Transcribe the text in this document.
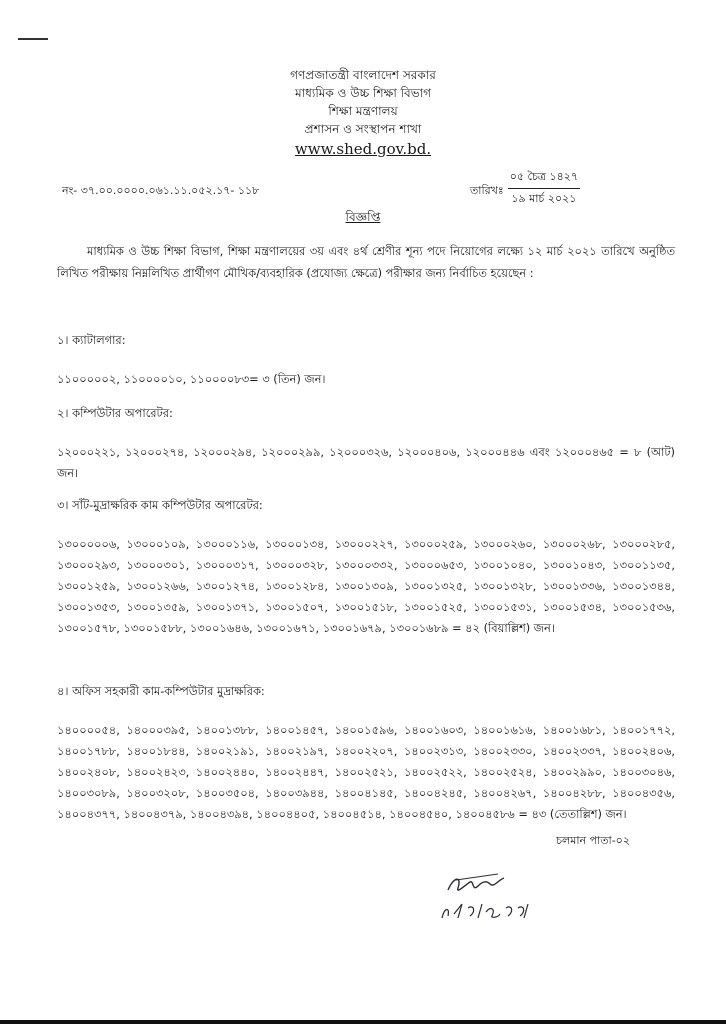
গণপ্রজাতন্ত্রী বাংলাদেশ সরকার
মাধ্যমিক ও উচ্চ শিক্ষা বিভাগ
শিক্ষা মন্ত্রণালয়
প্রশাসন ও সংস্থাপন শাখা
www.shed.gov.bd.
নং- ৩৭.০০.০০০০.০৬১.১১.০৫২.১৭- ১১৮	তারিখঃ
০৫ চৈত্র ১৪২৭
১৯ মার্চ ২০২১
বিজ্ঞপ্তি
মাধ্যমিক ও উচ্চ শিক্ষা বিভাগ, শিক্ষা মন্ত্রণালয়ের ৩য় এবং ৪র্থ শ্রেণীর শূন্য পদে নিয়োগের লক্ষ্যে ১২ মার্চ ২০২১ তারিখে অনুষ্ঠিত লিখিত পরীক্ষায় নিম্নলিখিত প্রার্থীগণ মৌখিক/ব্যবহারিক (প্রযোজ্য ক্ষেত্রে) পরীক্ষার জন্য নির্বাচিত হয়েছেন :
১। ক্যাটালগার:
১১০০০০০২, ১১০০০০১০, ১১০০০০৮৩= ৩ (তিন) জন।
২। কম্পিউটার অপারেটর:
১২০০০২২১, ১২০০০২৭৪, ১২০০০২৯৪, ১২০০০২৯৯, ১২০০০৩২৬, ১২০০০৪০৬, ১২০০০৪৪৬ এবং ১২০০০৪৬৫ = ৮ (আট) জন।
৩। সাঁট-মুদ্রাক্ষরিক কাম কম্পিউটার অপারেটর:
১৩০০০০০৬, ১৩০০০১০৯, ১৩০০০১১৬, ১৩০০০১৩৪, ১৩০০০২২৭, ১৩০০০২৫৯, ১৩০০০২৬০, ১৩০০০২৬৮, ১৩০০০২৮৫, ১৩০০০২৯৩, ১৩০০০৩০১, ১৩০০০৩১৭, ১৩০০০৩২৮, ১৩০০০৩৩২, ১৩০০০৬৫৩, ১৩০০১০৪০, ১৩০০১০৪৩, ১৩০০১১৩৫, ১৩০০১২৫৯, ১৩০০১২৬৬, ১৩০০১২৭৪, ১৩০০১২৮৪, ১৩০০১৩০৯, ১৩০০১৩২৫, ১৩০০১৩২৮, ১৩০০১৩৩৬, ১৩০০১৩৪৪, ১৩০০১৩৫৩, ১৩০০১৩৫৯, ১৩০০১৩৭১, ১৩০০১৫০৭, ১৩০০১৫১৮, ১৩০০১৫২৫, ১৩০০১৫৩১, ১৩০০১৫৩৪, ১৩০০১৫৩৬, ১৩০০১৫৭৮, ১৩০০১৫৮৮, ১৩০০১৬৪৬, ১৩০০১৬৭১, ১৩০০১৬৭৯, ১৩০০১৬৮৯ = ৪২ (বিয়াল্লিশ) জন।
৪। অফিস সহকারী কাম-কম্পিউটার মুদ্রাক্ষরিক:
১৪০০০০৫৪, ১৪০০০৩৯৫, ১৪০০১৩৮৮, ১৪০০১৪৫৭, ১৪০০১৫৯৬, ১৪০০১৬০৩, ১৪০০১৬১৬, ১৪০০১৬৮১, ১৪০০১৭৭২, ১৪০০১৭৮৮, ১৪০০১৮৪৪, ১৪০০২১৯১, ১৪০০২১৯৭, ১৪০০২২০৭, ১৪০০২৩১৩, ১৪০০২৩৩০, ১৪০০২৩৩৭, ১৪০০২৪০৬, ১৪০০২৪০৮, ১৪০০২৪২৩, ১৪০০২৪৪০, ১৪০০২৪৪৭, ১৪০০২৫২১, ১৪০০২৫২২, ১৪০০২৫২৪, ১৪০০২৯৯০, ১৪০০৩০৪৬, ১৪০০৩০৮৯, ১৪০০৩২০৮, ১৪০০৩৫০৪, ১৪০০৩৯৪৪, ১৪০০৪১৪৫, ১৪০০৪২৪৫, ১৪০০৪২৬৭, ১৪০০৪২৮৮, ১৪০০৪৩৫৬, ১৪০০৪৩৭৭, ১৪০০৪৩৭৯, ১৪০০৪৩৯৪, ১৪০০৪৪০৫, ১৪০০৪৫১৪, ১৪০০৪৫৪০, ১৪০০৪৫৮৬ = ৪৩ (তেতাল্লিশ) জন।
চলমান পাতা-০২
